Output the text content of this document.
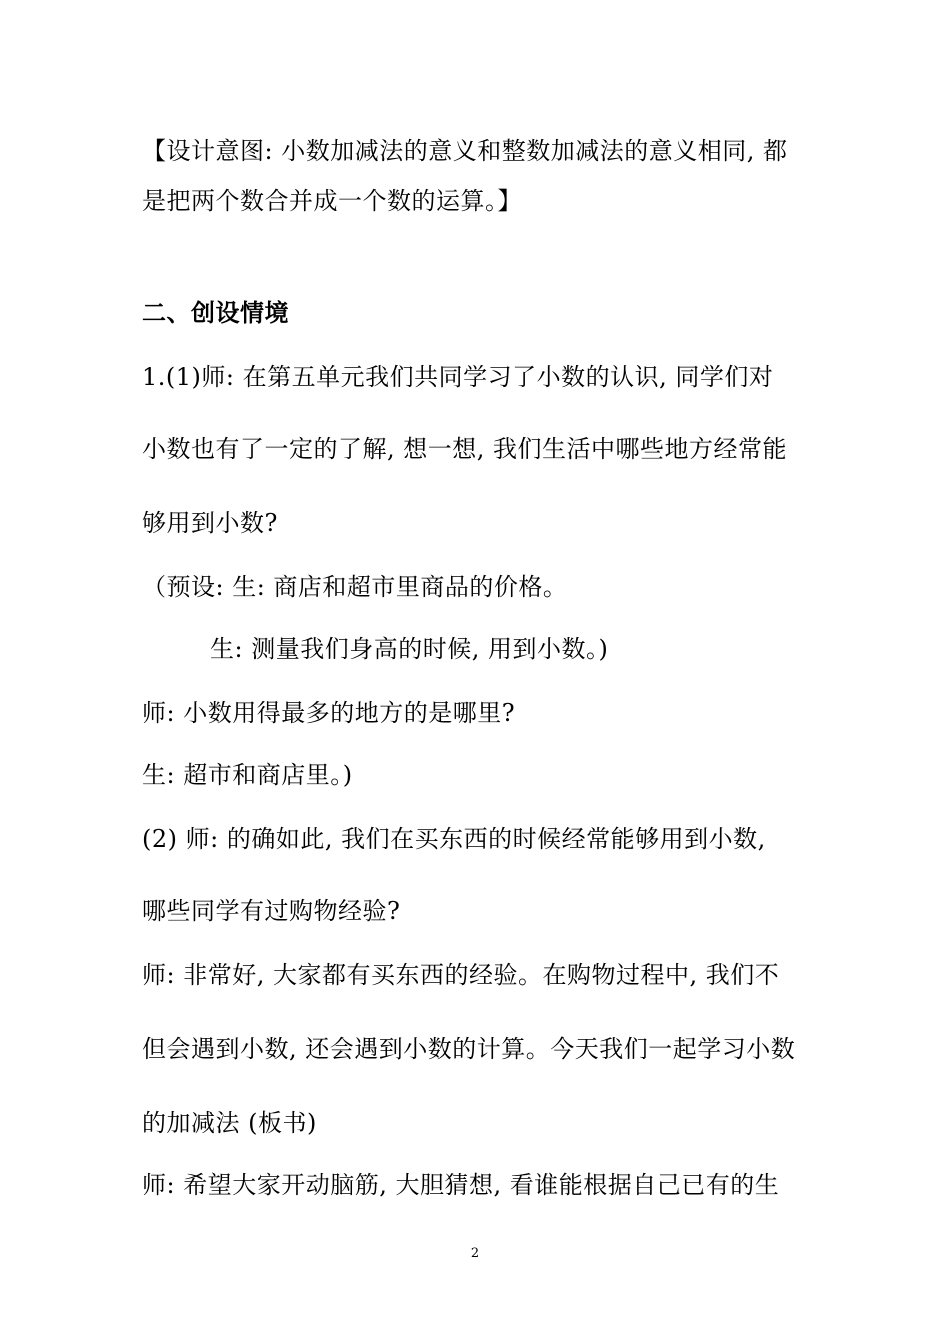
【设计意图: 小数加减法的意义和整数加减法的意义相同, 都
是把两个数合并成一个数的运算。】
二、创设情境
1.(1)师: 在第五单元我们共同学习了小数的认识, 同学们对
小数也有了一定的了解, 想一想, 我们生活中哪些地方经常能
够用到小数?
（预设: 生: 商店和超市里商品的价格。
生: 测量我们身高的时候, 用到小数。)
师: 小数用得最多的地方的是哪里?
生: 超市和商店里。)
(2) 师: 的确如此, 我们在买东西的时候经常能够用到小数,
哪些同学有过购物经验?
师: 非常好, 大家都有买东西的经验。在购物过程中, 我们不
但会遇到小数, 还会遇到小数的计算。今天我们一起学习小数
的加减法 (板书)
师: 希望大家开动脑筋, 大胆猜想, 看谁能根据自己已有的生
2
